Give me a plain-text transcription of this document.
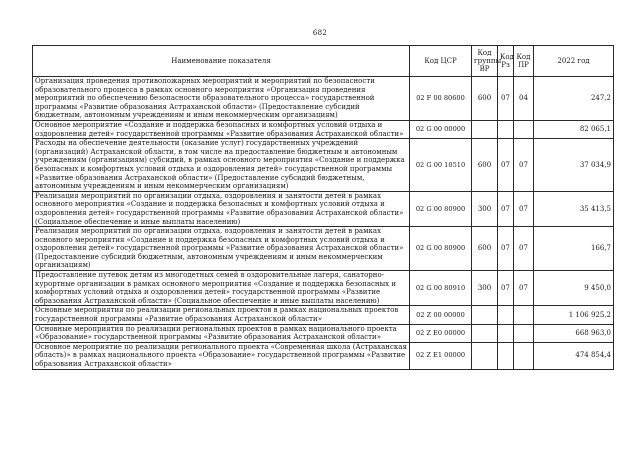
682
Наименование показателя	Код ЦСР	Код группы ВР	Код Рз	Код ПР	2022 год
Организация проведения противопожарных мероприятий и мероприятий по безопасности образовательного процесса в рамках основного мероприятия «Организация проведения мероприятий по обеспечению безопасности образовательного процесса» государственной программы «Развитие образования Астраханской области» (Предоставление субсидий бюджетным, автономным учреждениям и иным некоммерческим организациям)	02 F 00 80600	600	07	04	247,2
Основное мероприятие «Создание и поддержка безопасных и комфортных условий отдыха и оздоровления детей» государственной программы «Развитие образования Астраханской области»	02 G 00 00000				82 065,1
Расходы на обеспечение деятельности (оказание услуг) государственных учреждений (организаций) Астраханской области, в том числе на предоставление бюджетным и автономным учреждениям (организациям) субсидий, в рамках основного мероприятия «Создание и поддержка безопасных и комфортных условий отдыха и оздоровления детей» государственной программы «Развитие образования Астраханской области» (Предоставление субсидий бюджетным, автономным учреждениям и иным некоммерческим организациям)	02 G 00 10510	600	07	07	37 034,9
Реализация мероприятий по организации отдыха, оздоровления и занятости детей в рамках основного мероприятия «Создание и поддержка безопасных и комфортных условий отдыха и оздоровления детей» государственной программы «Развитие образования Астраханской области» (Социальное обеспечение и иные выплаты населению)	02 G 00 80900	300	07	07	35 413,5
Реализация мероприятий по организации отдыха, оздоровления и занятости детей в рамках основного мероприятия «Создание и поддержка безопасных и комфортных условий отдыха и оздоровления детей» государственной программы «Развитие образования Астраханской области» (Предоставление субсидий бюджетным, автономным учреждениям и иным некоммерческим организациям)	02 G 00 80900	600	07	07	166,7
Предоставление путевок детям из многодетных семей в оздоровительные лагеря, санаторно-курортные организации в рамках основного мероприятия «Создание и поддержка безопасных и комфортных условий отдыха и оздоровления детей» государственной программы «Развитие образования Астраханской области» (Социальное обеспечение и иные выплаты населению)	02 G 00 80910	300	07	07	9 450,0
Основные мероприятия по реализации региональных проектов в рамках национальных проектов государственной программы «Развитие образования Астраханской области»	02 Z 00 00000				1 106 925,2
Основные мероприятия по реализации региональных проектов в рамках национального проекта «Образование» государственной программы «Развитие образования Астраханской области»	02 Z E0 00000				668 963,0
Основное мероприятие по реализации регионального проекта «Современная школа (Астраханская область)» в рамках национального проекта «Образование» государственной программы «Развитие образования Астраханской области»	02 Z E1 00000				474 854,4
